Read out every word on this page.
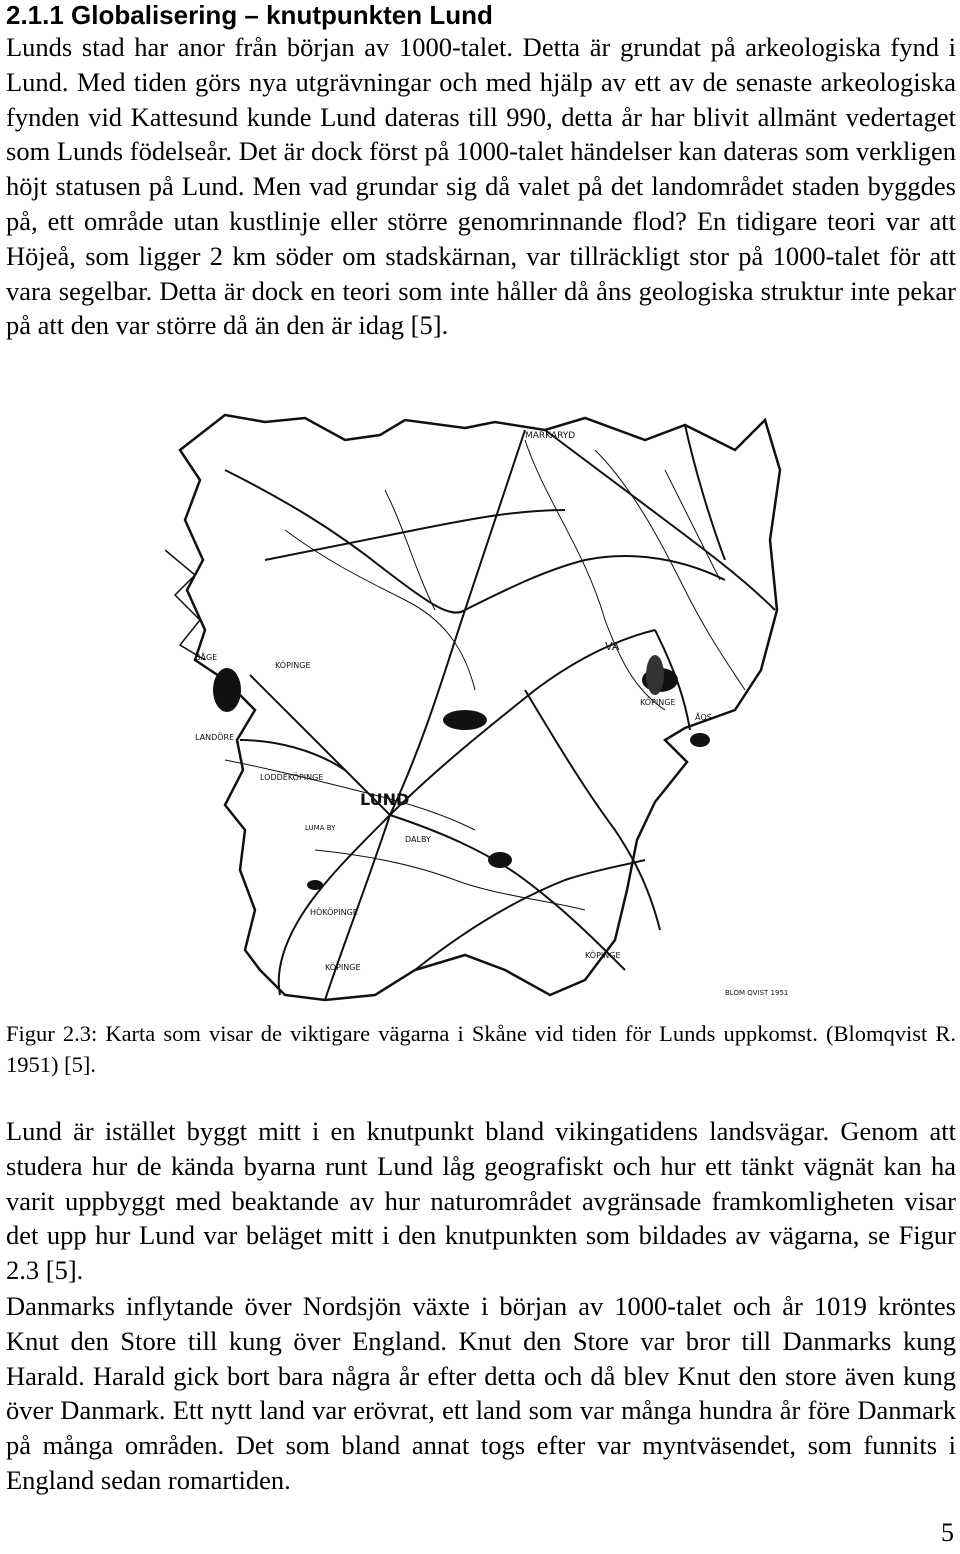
2.1.1 Globalisering – knutpunkten Lund

Lunds stad har anor från början av 1000-talet. Detta är grundat på arkeologiska fynd i Lund. Med tiden görs nya utgrävningar och med hjälp av ett av de senaste arkeologiska fynden vid Kattesund kunde Lund dateras till 990, detta år har blivit allmänt vedertaget som Lunds födelseår. Det är dock först på 1000-talet händelser kan dateras som verkligen höjt statusen på Lund. Men vad grundar sig då valet på det landområdet staden byggdes på, ett område utan kustlinje eller större genomrinnande flod? En tidigare teori var att Höjeå, som ligger 2 km söder om stadskärnan, var tillräckligt stor på 1000-talet för att vara segelbar. Detta är dock en teori som inte håller då åns geologiska struktur inte pekar på att den var större då än den är idag [5].

MARKARYD
KÖPINGE
BÅGE
LANDÖRE
LODDEKÖPINGE
LUND
LUMA BY
DALBY
VA
KÖPINGE
ÅOS
HÖKÖPINGE
KÖPINGE
KÖPINGE
BLOM QVIST 1951

Figur 2.3: Karta som visar de viktigare vägarna i Skåne vid tiden för Lunds uppkomst. (Blomqvist R. 1951) [5].

Lund är istället byggt mitt i en knutpunkt bland vikingatidens landsvägar. Genom att studera hur de kända byarna runt Lund låg geografiskt och hur ett tänkt vägnät kan ha varit uppbyggt med beaktande av hur naturområdet avgränsade framkomligheten visar det upp hur Lund var beläget mitt i den knutpunkten som bildades av vägarna, se Figur 2.3 [5].

Danmarks inflytande över Nordsjön växte i början av 1000-talet och år 1019 kröntes Knut den Store till kung över England. Knut den Store var bror till Danmarks kung Harald. Harald gick bort bara några år efter detta och då blev Knut den store även kung över Danmark. Ett nytt land var erövrat, ett land som var många hundra år före Danmark på många områden. Det som bland annat togs efter var myntväsendet, som funnits i England sedan romartiden.

5
